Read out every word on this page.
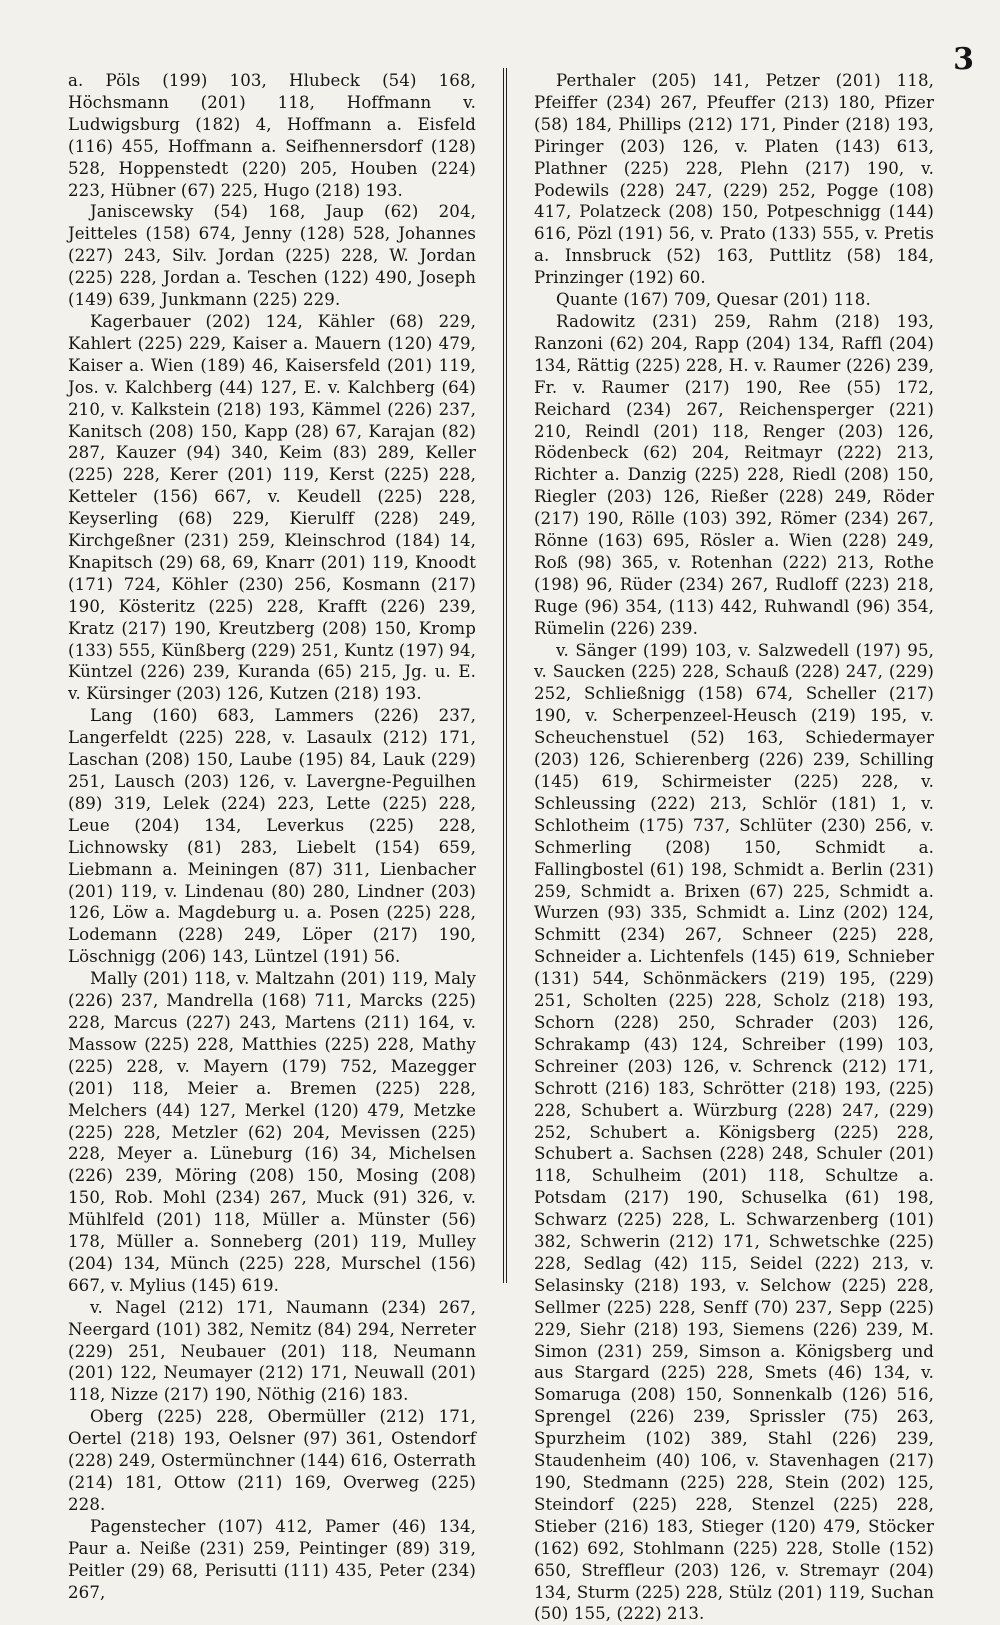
3

a. Pöls (199) 103, Hlubeck (54) 168, Höchsmann (201) 118, Hoffmann v. Ludwigsburg (182) 4, Hoffmann a. Eisfeld (116) 455, Hoffmann a. Seifhennersdorf (128) 528, Hoppenstedt (220) 205, Houben (224) 223, Hübner (67) 225, Hugo (218) 193.

Janiscewsky (54) 168, Jaup (62) 204, Jeitteles (158) 674, Jenny (128) 528, Johannes (227) 243, Silv. Jordan (225) 228, W. Jordan (225) 228, Jordan a. Teschen (122) 490, Joseph (149) 639, Junkmann (225) 229.

Kagerbauer (202) 124, Kähler (68) 229, Kahlert (225) 229, Kaiser a. Mauern (120) 479, Kaiser a. Wien (189) 46, Kaisersfeld (201) 119, Jos. v. Kalchberg (44) 127, E. v. Kalchberg (64) 210, v. Kalkstein (218) 193, Kämmel (226) 237, Kanitsch (208) 150, Kapp (28) 67, Karajan (82) 287, Kauzer (94) 340, Keim (83) 289, Keller (225) 228, Kerer (201) 119, Kerst (225) 228, Ketteler (156) 667, v. Keudell (225) 228, Keyserling (68) 229, Kierulff (228) 249, Kirchgeßner (231) 259, Kleinschrod (184) 14, Knapitsch (29) 68, 69, Knarr (201) 119, Knoodt (171) 724, Köhler (230) 256, Kosmann (217) 190, Kösteritz (225) 228, Krafft (226) 239, Kratz (217) 190, Kreutzberg (208) 150, Kromp (133) 555, Künßberg (229) 251, Kuntz (197) 94, Küntzel (226) 239, Kuranda (65) 215, Jg. u. E. v. Kürsinger (203) 126, Kutzen (218) 193.

Lang (160) 683, Lammers (226) 237, Langerfeldt (225) 228, v. Lasaulx (212) 171, Laschan (208) 150, Laube (195) 84, Lauk (229) 251, Lausch (203) 126, v. Lavergne-Peguilhen (89) 319, Lelek (224) 223, Lette (225) 228, Leue (204) 134, Leverkus (225) 228, Lichnowsky (81) 283, Liebelt (154) 659, Liebmann a. Meiningen (87) 311, Lienbacher (201) 119, v. Lindenau (80) 280, Lindner (203) 126, Löw a. Magdeburg u. a. Posen (225) 228, Lodemann (228) 249, Löper (217) 190, Löschnigg (206) 143, Lüntzel (191) 56.

Mally (201) 118, v. Maltzahn (201) 119, Maly (226) 237, Mandrella (168) 711, Marcks (225) 228, Marcus (227) 243, Martens (211) 164, v. Massow (225) 228, Matthies (225) 228, Mathy (225) 228, v. Mayern (179) 752, Mazegger (201) 118, Meier a. Bremen (225) 228, Melchers (44) 127, Merkel (120) 479, Metzke (225) 228, Metzler (62) 204, Mevissen (225) 228, Meyer a. Lüneburg (16) 34, Michelsen (226) 239, Möring (208) 150, Mosing (208) 150, Rob. Mohl (234) 267, Muck (91) 326, v. Mühlfeld (201) 118, Müller a. Münster (56) 178, Müller a. Sonneberg (201) 119, Mulley (204) 134, Münch (225) 228, Murschel (156) 667, v. Mylius (145) 619.

v. Nagel (212) 171, Naumann (234) 267, Neergard (101) 382, Nemitz (84) 294, Nerreter (229) 251, Neubauer (201) 118, Neumann (201) 122, Neumayer (212) 171, Neuwall (201) 118, Nizze (217) 190, Nöthig (216) 183.

Oberg (225) 228, Obermüller (212) 171, Oertel (218) 193, Oelsner (97) 361, Ostendorf (228) 249, Ostermünchner (144) 616, Osterrath (214) 181, Ottow (211) 169, Overweg (225) 228.

Pagenstecher (107) 412, Pamer (46) 134, Paur a. Neiße (231) 259, Peintinger (89) 319, Peitler (29) 68, Perisutti (111) 435, Peter (234) 267,

Perthaler (205) 141, Petzer (201) 118, Pfeiffer (234) 267, Pfeuffer (213) 180, Pfizer (58) 184, Phillips (212) 171, Pinder (218) 193, Piringer (203) 126, v. Platen (143) 613, Plathner (225) 228, Plehn (217) 190, v. Podewils (228) 247, (229) 252, Pogge (108) 417, Polatzeck (208) 150, Potpeschnigg (144) 616, Pözl (191) 56, v. Prato (133) 555, v. Pretis a. Innsbruck (52) 163, Puttlitz (58) 184, Prinzinger (192) 60.

Quante (167) 709, Quesar (201) 118.

Radowitz (231) 259, Rahm (218) 193, Ranzoni (62) 204, Rapp (204) 134, Raffl (204) 134, Rättig (225) 228, H. v. Raumer (226) 239, Fr. v. Raumer (217) 190, Ree (55) 172, Reichard (234) 267, Reichensperger (221) 210, Reindl (201) 118, Renger (203) 126, Rödenbeck (62) 204, Reitmayr (222) 213, Richter a. Danzig (225) 228, Riedl (208) 150, Riegler (203) 126, Rießer (228) 249, Röder (217) 190, Rölle (103) 392, Römer (234) 267, Rönne (163) 695, Rösler a. Wien (228) 249, Roß (98) 365, v. Rotenhan (222) 213, Rothe (198) 96, Rüder (234) 267, Rudloff (223) 218, Ruge (96) 354, (113) 442, Ruhwandl (96) 354, Rümelin (226) 239.

v. Sänger (199) 103, v. Salzwedell (197) 95, v. Saucken (225) 228, Schauß (228) 247, (229) 252, Schließnigg (158) 674, Scheller (217) 190, v. Scherpenzeel-Heusch (219) 195, v. Scheuchenstuel (52) 163, Schiedermayer (203) 126, Schierenberg (226) 239, Schilling (145) 619, Schirmeister (225) 228, v. Schleussing (222) 213, Schlör (181) 1, v. Schlotheim (175) 737, Schlüter (230) 256, v. Schmerling (208) 150, Schmidt a. Fallingbostel (61) 198, Schmidt a. Berlin (231) 259, Schmidt a. Brixen (67) 225, Schmidt a. Wurzen (93) 335, Schmidt a. Linz (202) 124, Schmitt (234) 267, Schneer (225) 228, Schneider a. Lichtenfels (145) 619, Schnieber (131) 544, Schönmäckers (219) 195, (229) 251, Scholten (225) 228, Scholz (218) 193, Schorn (228) 250, Schrader (203) 126, Schrakamp (43) 124, Schreiber (199) 103, Schreiner (203) 126, v. Schrenck (212) 171, Schrott (216) 183, Schrötter (218) 193, (225) 228, Schubert a. Würzburg (228) 247, (229) 252, Schubert a. Königsberg (225) 228, Schubert a. Sachsen (228) 248, Schuler (201) 118, Schulheim (201) 118, Schultze a. Potsdam (217) 190, Schuselka (61) 198, Schwarz (225) 228, L. Schwarzenberg (101) 382, Schwerin (212) 171, Schwetschke (225) 228, Sedlag (42) 115, Seidel (222) 213, v. Selasinsky (218) 193, v. Selchow (225) 228, Sellmer (225) 228, Senff (70) 237, Sepp (225) 229, Siehr (218) 193, Siemens (226) 239, M. Simon (231) 259, Simson a. Königsberg und aus Stargard (225) 228, Smets (46) 134, v. Somaruga (208) 150, Sonnenkalb (126) 516, Sprengel (226) 239, Sprissler (75) 263, Spurzheim (102) 389, Stahl (226) 239, Staudenheim (40) 106, v. Stavenhagen (217) 190, Stedmann (225) 228, Stein (202) 125, Steindorf (225) 228, Stenzel (225) 228, Stieber (216) 183, Stieger (120) 479, Stöcker (162) 692, Stohlmann (225) 228, Stolle (152) 650, Streffleur (203) 126, v. Stremayr (204) 134, Sturm (225) 228, Stülz (201) 119, Suchan (50) 155, (222) 213.
